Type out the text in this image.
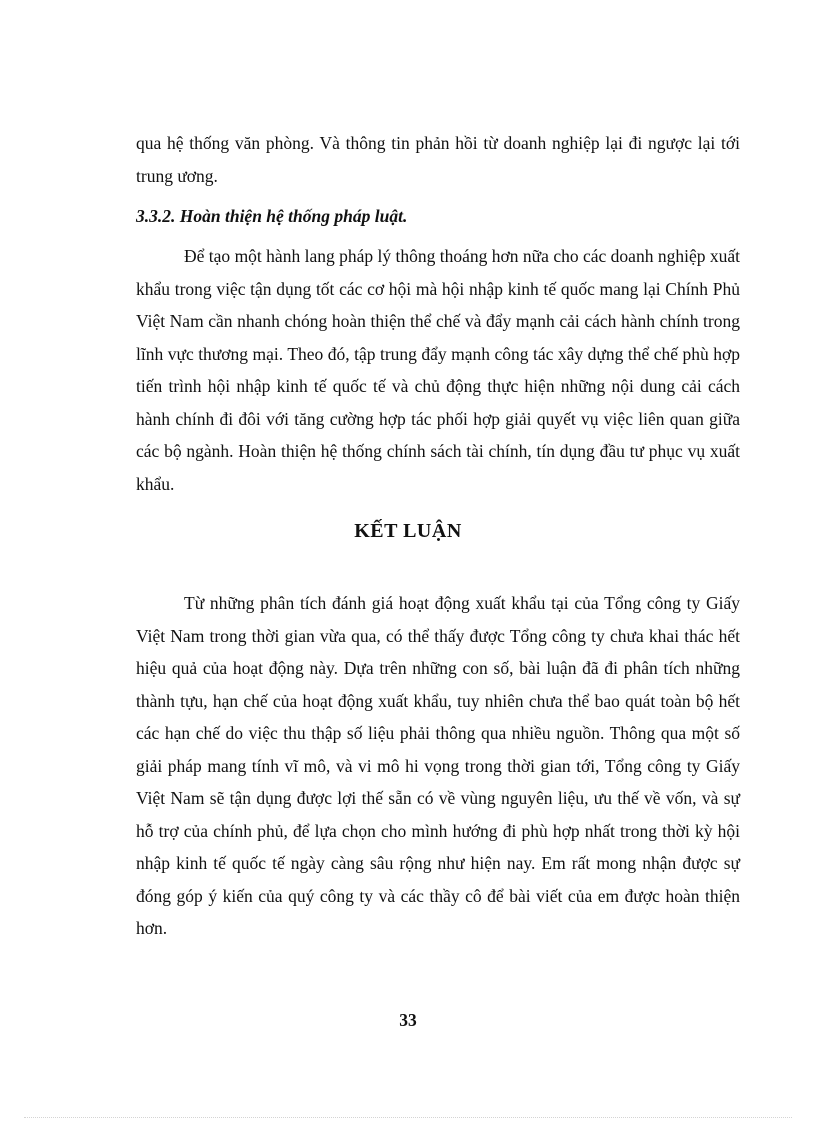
qua hệ thống văn phòng. Và thông tin phản hồi từ doanh nghiệp lại đi ngược lại tới trung ương.

3.3.2. Hoàn thiện hệ thống pháp luật.

Để tạo một hành lang pháp lý thông thoáng hơn nữa cho các doanh nghiệp xuất khẩu trong việc tận dụng tốt các cơ hội mà hội nhập kinh tế quốc mang lại Chính Phủ Việt Nam cần nhanh chóng hoàn thiện thể chế và đẩy mạnh cải cách hành chính trong lĩnh vực thương mại. Theo đó, tập trung đẩy mạnh công tác xây dựng thể chế phù hợp tiến trình hội nhập kinh tế quốc tế và chủ động thực hiện những nội dung cải cách hành chính đi đôi với tăng cường hợp tác phối hợp giải quyết vụ việc liên quan giữa các bộ ngành. Hoàn thiện hệ thống chính sách tài chính, tín dụng đầu tư phục vụ xuất khẩu.

KẾT LUẬN

Từ những phân tích đánh giá hoạt động xuất khẩu tại của Tổng công ty Giấy Việt Nam trong thời gian vừa qua, có thể thấy được Tổng công ty chưa khai thác hết hiệu quả của hoạt động này. Dựa trên những con số, bài luận đã đi phân tích những thành tựu, hạn chế của hoạt động xuất khẩu, tuy nhiên chưa thể bao quát toàn bộ hết các hạn chế do việc thu thập số liệu phải thông qua nhiều nguồn. Thông qua một số giải pháp mang tính vĩ mô, và vi mô hi vọng trong thời gian tới, Tổng công ty Giấy Việt Nam sẽ tận dụng được lợi thế sẵn có về vùng nguyên liệu, ưu thế về vốn, và sự hỗ trợ của chính phủ, để lựa chọn cho mình hướng đi phù hợp nhất trong thời kỳ hội nhập kinh tế quốc tế ngày càng sâu rộng như hiện nay. Em rất mong nhận được sự đóng góp ý kiến của quý công ty và các thầy cô để bài viết của em được hoàn thiện hơn.

33
